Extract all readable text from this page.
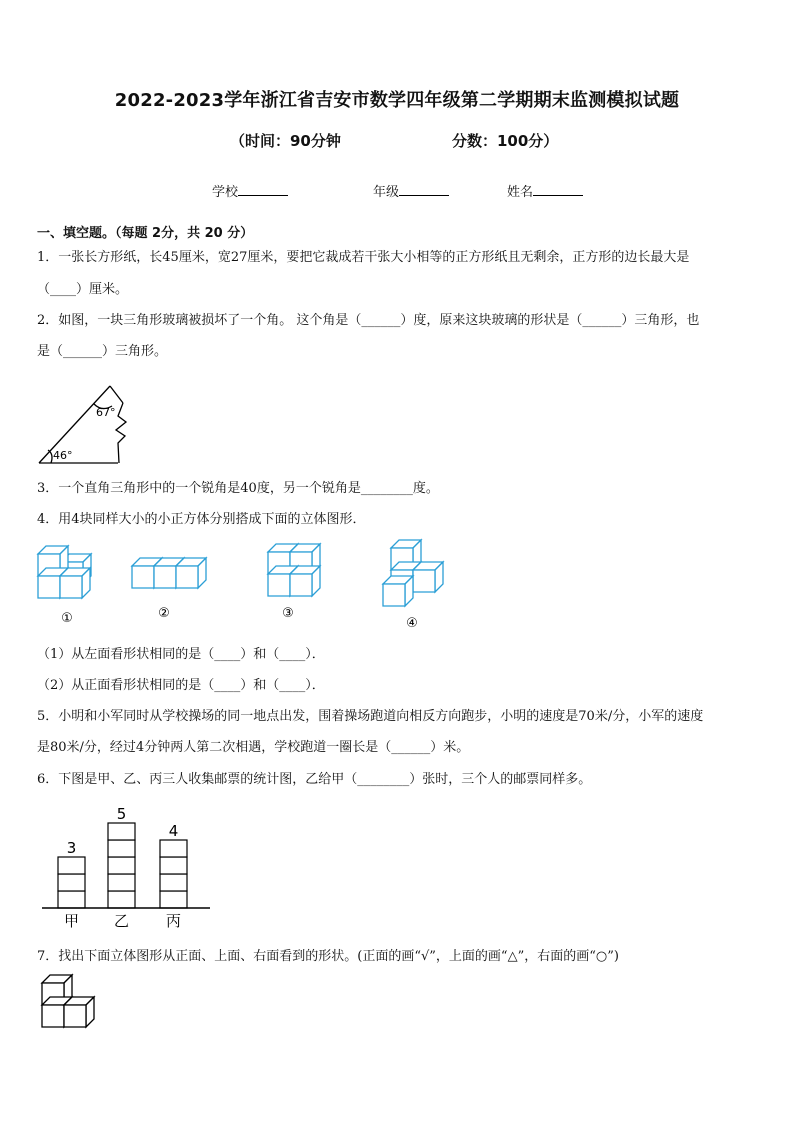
2022-2023学年浙江省吉安市数学四年级第二学期期末监测模拟试题
（时间：90分钟	分数：100分）
学校	年级	姓名
一、填空题。（每题 2分，共 20 分）
1．一张长方形纸，长45厘米，宽27厘米，要把它裁成若干张大小相等的正方形纸且无剩余，正方形的边长最大是
（____）厘米。
2．如图，一块三角形玻璃被损坏了一个角。 这个角是（______）度，原来这块玻璃的形状是（______）三角形，也
是（______）三角形。
67°
46°
3．一个直角三角形中的一个锐角是40度，另一个锐角是________度。
4．用4块同样大小的小正方体分别搭成下面的立体图形．
①	②	③
④
（1）从左面看形状相同的是（____）和（____）．
（2）从正面看形状相同的是（____）和（____）．
5．小明和小军同时从学校操场的同一地点出发，围着操场跑道向相反方向跑步，小明的速度是70米/分，小军的速度
是80米/分，经过4分钟两人第二次相遇，学校跑道一圈长是（______）米。
6．下图是甲、乙、丙三人收集邮票的统计图，乙给甲（________）张时，三个人的邮票同样多。
3
甲
5
乙
4
丙
7．找出下面立体图形从正面、上面、右面看到的形状。(正面的画“√”，上面的画“△”，右面的画“○”)
